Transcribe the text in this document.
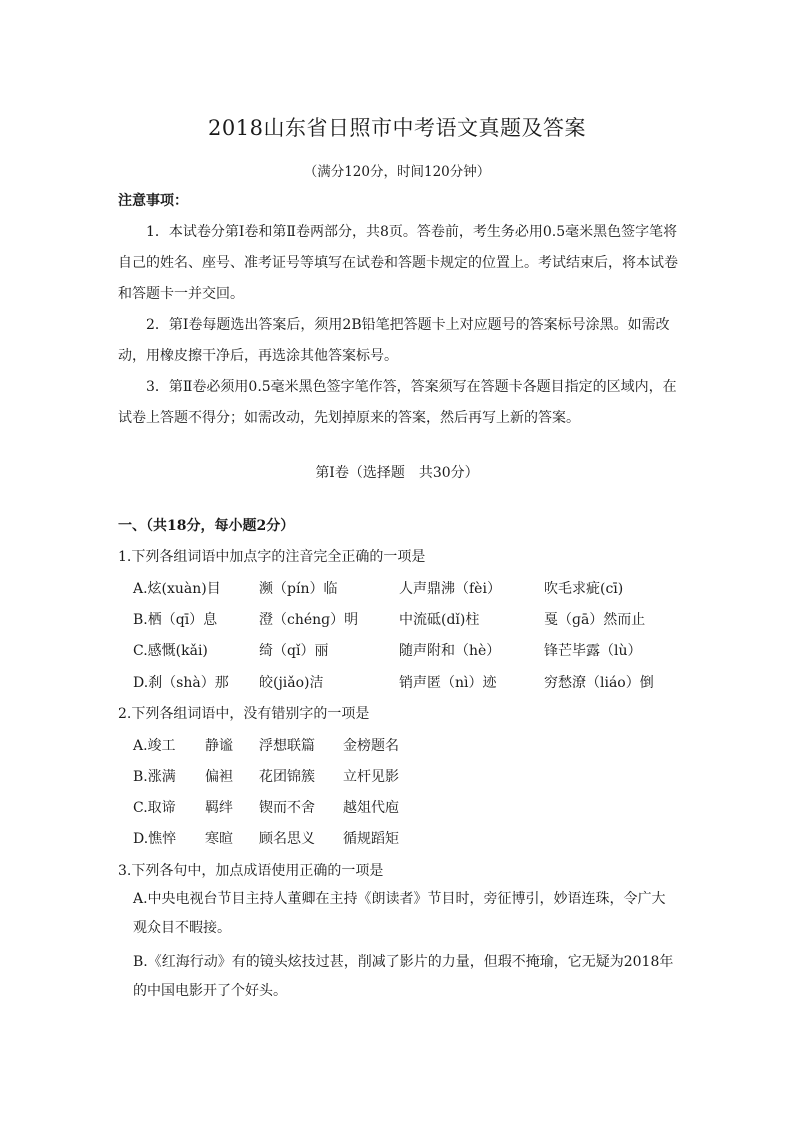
2018山东省日照市中考语文真题及答案
（满分120分，时间120分钟）
注意事项：
1．本试卷分第Ⅰ卷和第Ⅱ卷两部分，共8页。答卷前，考生务必用0.5毫米黑色签字笔将自己的姓名、座号、准考证号等填写在试卷和答题卡规定的位置上。考试结束后，将本试卷和答题卡一并交回。
2．第Ⅰ卷每题选出答案后，须用2B铅笔把答题卡上对应题号的答案标号涂黑。如需改动，用橡皮擦干净后，再选涂其他答案标号。
3．第Ⅱ卷必须用0.5毫米黑色签字笔作答，答案须写在答题卡各题目指定的区域内，在试卷上答题不得分；如需改动，先划掉原来的答案，然后再写上新的答案。
第Ⅰ卷（选择题　共30分）
一、（共18分，每小题2分）
1.下列各组词语中加点字的注音完全正确的一项是
A.炫(xuàn)目	濒（pín）临	人声鼎沸（fèi）	吹毛求疵(cī)
B.栖（qī）息	澄（chénɡ）明	中流砥(dǐ)柱	戛（ɡā）然而止
C.感慨(kǎi)	绮（qǐ）丽	随声附和（hè）	锋芒毕露（lù）
D.刹（shà）那 皎(jiǎo)洁	销声匿（nì）迹	穷愁潦（liáo）倒
2.下列各组词语中，没有错别字的一项是
A.竣工 静谧 浮想联篇 金榜题名
B.涨满 偏袒 花团锦簇 立杆见影
C.取谛 羁绊 锲而不舍 越俎代庖
D.憔悴 寒暄 顾名思义 循规蹈矩
3.下列各句中，加点成语使用正确的一项是
A.中央电视台节目主持人董卿在主持《朗读者》节目时，旁征博引，妙语连珠，令广大观众目不暇接。
B.《红海行动》有的镜头炫技过甚，削减了影片的力量，但瑕不掩瑜，它无疑为2018年的中国电影开了个好头。
